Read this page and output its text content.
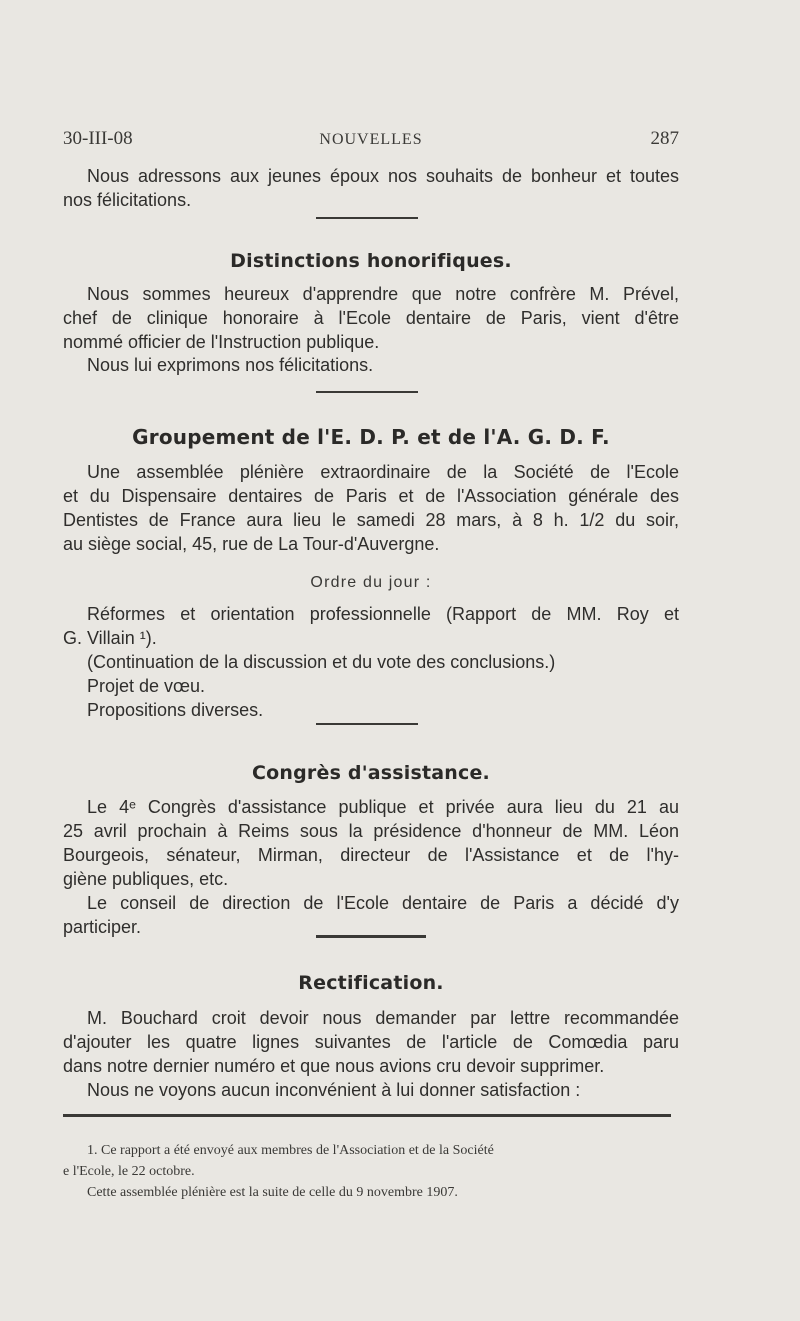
30-III-08	NOUVELLES	287
Nous adressons aux jeunes époux nos souhaits de bonheur et toutes
nos félicitations.
Distinctions honorifiques.
Nous sommes heureux d'apprendre que notre confrère M. Prével,
chef de clinique honoraire à l'Ecole dentaire de Paris, vient d'être
nommé officier de l'Instruction publique.
Nous lui exprimons nos félicitations.
Groupement de l'E. D. P. et de l'A. G. D. F.
Une assemblée plénière extraordinaire de la Société de l'Ecole
et du Dispensaire dentaires de Paris et de l'Association générale des
Dentistes de France aura lieu le samedi 28 mars, à 8 h. 1/2 du soir,
au siège social, 45, rue de La Tour-d'Auvergne.
Ordre du jour :
Réformes et orientation professionnelle (Rapport de MM. Roy et
G. Villain ¹).
(Continuation de la discussion et du vote des conclusions.)
Projet de vœu.
Propositions diverses.
Congrès d'assistance.
Le 4ᵉ Congrès d'assistance publique et privée aura lieu du 21 au
25 avril prochain à Reims sous la présidence d'honneur de MM. Léon
Bourgeois, sénateur, Mirman, directeur de l'Assistance et de l'hy-
giène publiques, etc.
Le conseil de direction de l'Ecole dentaire de Paris a décidé d'y
participer.
Rectification.
M. Bouchard croit devoir nous demander par lettre recommandée
d'ajouter les quatre lignes suivantes de l'article de Comœdia paru
dans notre dernier numéro et que nous avions cru devoir supprimer.
Nous ne voyons aucun inconvénient à lui donner satisfaction :
1. Ce rapport a été envoyé aux membres de l'Association et de la Société
e l'Ecole, le 22 octobre.
Cette assemblée plénière est la suite de celle du 9 novembre 1907.
